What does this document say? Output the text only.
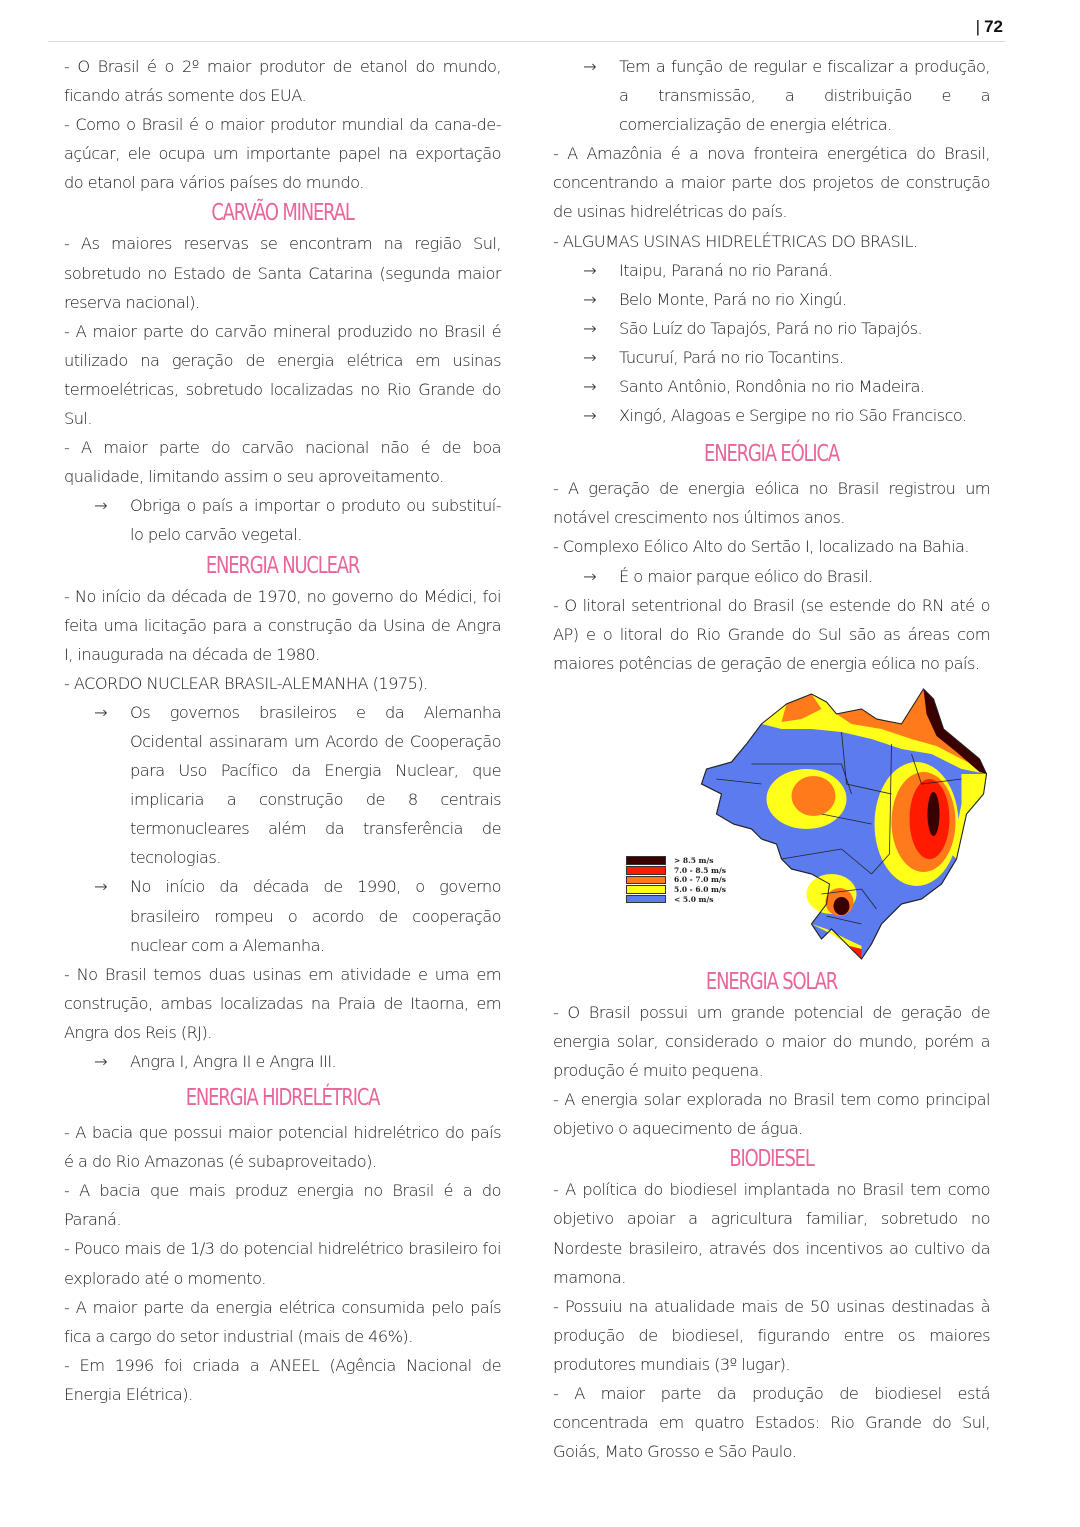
| 72

- O Brasil é o 2º maior produtor de etanol do mundo, ficando atrás somente dos EUA.

- Como o Brasil é o maior produtor mundial da cana-de-açúcar, ele ocupa um importante papel na exportação do etanol para vários países do mundo.

CARVÃO MINERAL

- As maiores reservas se encontram na região Sul, sobretudo no Estado de Santa Catarina (segunda maior reserva nacional).

- A maior parte do carvão mineral produzido no Brasil é utilizado na geração de energia elétrica em usinas termoelétricas, sobretudo localizadas no Rio Grande do Sul.

- A maior parte do carvão nacional não é de boa qualidade, limitando assim o seu aproveitamento.

→	Obriga o país a importar o produto ou substituí-lo pelo carvão vegetal.
ENERGIA NUCLEAR

- No início da década de 1970, no governo do Médici, foi feita uma licitação para a construção da Usina de Angra I, inaugurada na década de 1980.

- ACORDO NUCLEAR BRASIL-ALEMANHA (1975).

→	Os governos brasileiros e da Alemanha Ocidental assinaram um Acordo de Cooperação para Uso Pacífico da Energia Nuclear, que implicaria a construção de 8 centrais termonucleares além da transferência de tecnologias.
→	No início da década de 1990, o governo brasileiro rompeu o acordo de cooperação nuclear com a Alemanha.

- No Brasil temos duas usinas em atividade e uma em construção, ambas localizadas na Praia de Itaorna, em Angra dos Reis (RJ).

→	Angra I, Angra II e Angra III.
ENERGIA HIDRELÉTRICA

- A bacia que possui maior potencial hidrelétrico do país é a do Rio Amazonas (é subaproveitado).

- A bacia que mais produz energia no Brasil é a do Paraná.

- Pouco mais de 1/3 do potencial hidrelétrico brasileiro foi explorado até o momento.

- A maior parte da energia elétrica consumida pelo país fica a cargo do setor industrial (mais de 46%).

- Em 1996 foi criada a ANEEL (Agência Nacional de Energia Elétrica).

→	Tem a função de regular e fiscalizar a produção, a transmissão, a distribuição e a comercialização de energia elétrica.

- A Amazônia é a nova fronteira energética do Brasil, concentrando a maior parte dos projetos de construção de usinas hidrelétricas do país.

- ALGUMAS USINAS HIDRELÉTRICAS DO BRASIL.

→	Itaipu, Paraná no rio Paraná.
→	Belo Monte, Pará no rio Xingú.
→	São Luíz do Tapajós, Pará no rio Tapajós.
→	Tucuruí, Pará no rio Tocantins.
→	Santo Antônio, Rondônia no rio Madeira.
→	Xingó, Alagoas e Sergipe no rio São Francisco.
ENERGIA EÓLICA

- A geração de energia eólica no Brasil registrou um notável crescimento nos últimos anos.

- Complexo Eólico Alto do Sertão I, localizado na Bahia.

→	É o maior parque eólico do Brasil.

- O litoral setentrional do Brasil (se estende do RN até o AP) e o litoral do Rio Grande do Sul são as áreas com maiores potências de geração de energia eólica no país.

> 8.5 m/s
7.0 - 8.5 m/s
6.0 - 7.0 m/s
5.0 - 6.0 m/s
< 5.0 m/s
ENERGIA SOLAR

- O Brasil possui um grande potencial de geração de energia solar, considerado o maior do mundo, porém a produção é muito pequena.

- A energia solar explorada no Brasil tem como principal objetivo o aquecimento de água.

BIODIESEL

- A política do biodiesel implantada no Brasil tem como objetivo apoiar a agricultura familiar, sobretudo no Nordeste brasileiro, através dos incentivos ao cultivo da mamona.

- Possuiu na atualidade mais de 50 usinas destinadas à produção de biodiesel, figurando entre os maiores produtores mundiais (3º lugar).

- A maior parte da produção de biodiesel está concentrada em quatro Estados: Rio Grande do Sul, Goiás, Mato Grosso e São Paulo.
